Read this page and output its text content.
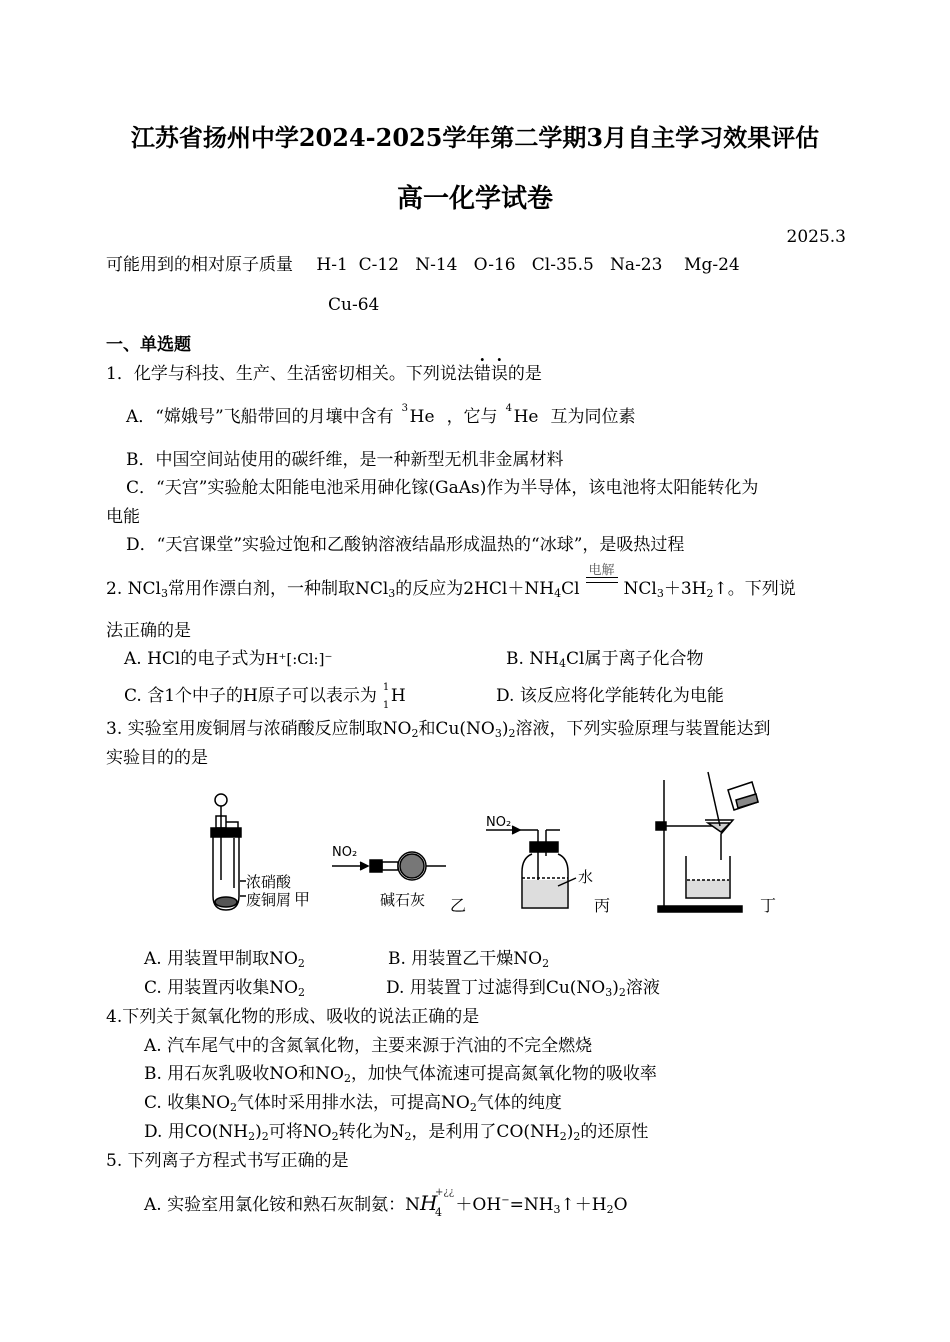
江苏省扬州中学2024-2025学年第二学期3月自主学习效果评估
高一化学试卷
2025.3
可能用到的相对原子质量 H-1  C-12   N-14   O-16   Cl-35.5   Na-23    Mg-24
Cu-64
一、单选题
1．化学与科技、生产、生活密切相关。下列说法错误的是
A．“嫦娥号”飞船带回的月壤中含有 3 He ，它与 4 He 互为同位素
B．中国空间站使用的碳纤维，是一种新型无机非金属材料
C．“天宫”实验舱太阳能电池采用砷化镓(GaAs)作为半导体，该电池将太阳能转化为
电能
D．“天宫课堂”实验过饱和乙酸钠溶液结晶形成温热的“冰球”，是吸热过程
2. NCl$_3$常用作漂白剂，一种制取NCl$_3$的反应为$2HCl+NH_4Cl$
电解
$NCl_3+3H_2↑$。下列说
法正确的是
A. HCl的电子式为H⁺[:Cl:]⁻	B. $NH_4Cl$属于离子化合物
C. 含1个中子的H原子可以表示为 1
1 H	D. 该反应将化学能转化为电能
3. 实验室用废铜屑与浓硝酸反应制取$NO_2$和$Cu(NO_3)_2$溶液，下列实验原理与装置能达到
实验目的的是
浓硝酸
废铜屑 甲
NO₂
碱石灰 乙
NO₂
水
丙	丁
A. 用装置甲制取$NO_2$	B. 用装置乙干燥$NO_2$
C. 用装置丙收集$NO_2$	D. 用装置丁过滤得到$Cu(NO_3)_2$溶液
4.下列关于氮氧化物的形成、吸收的说法正确的是
A. 汽车尾气中的含氮氧化物，主要来源于汽油的不完全燃烧
B. 用石灰乳吸收NO和$NO_2$，加快气体流速可提高氮氧化物的吸收率
C. 收集$NO_2$气体时采用排水法，可提高$NO_2$气体的纯度
D. 用$CO(NH_2)_2$可将$NO_2$转化为$N_2$，是利用了$CO(NH_2)_2$的还原性
5. 下列离子方程式书写正确的是
A. 实验室用氯化铵和熟石灰制氨：NH
+¿¿
$4 +OH^-=NH_3↑+H_2O$
